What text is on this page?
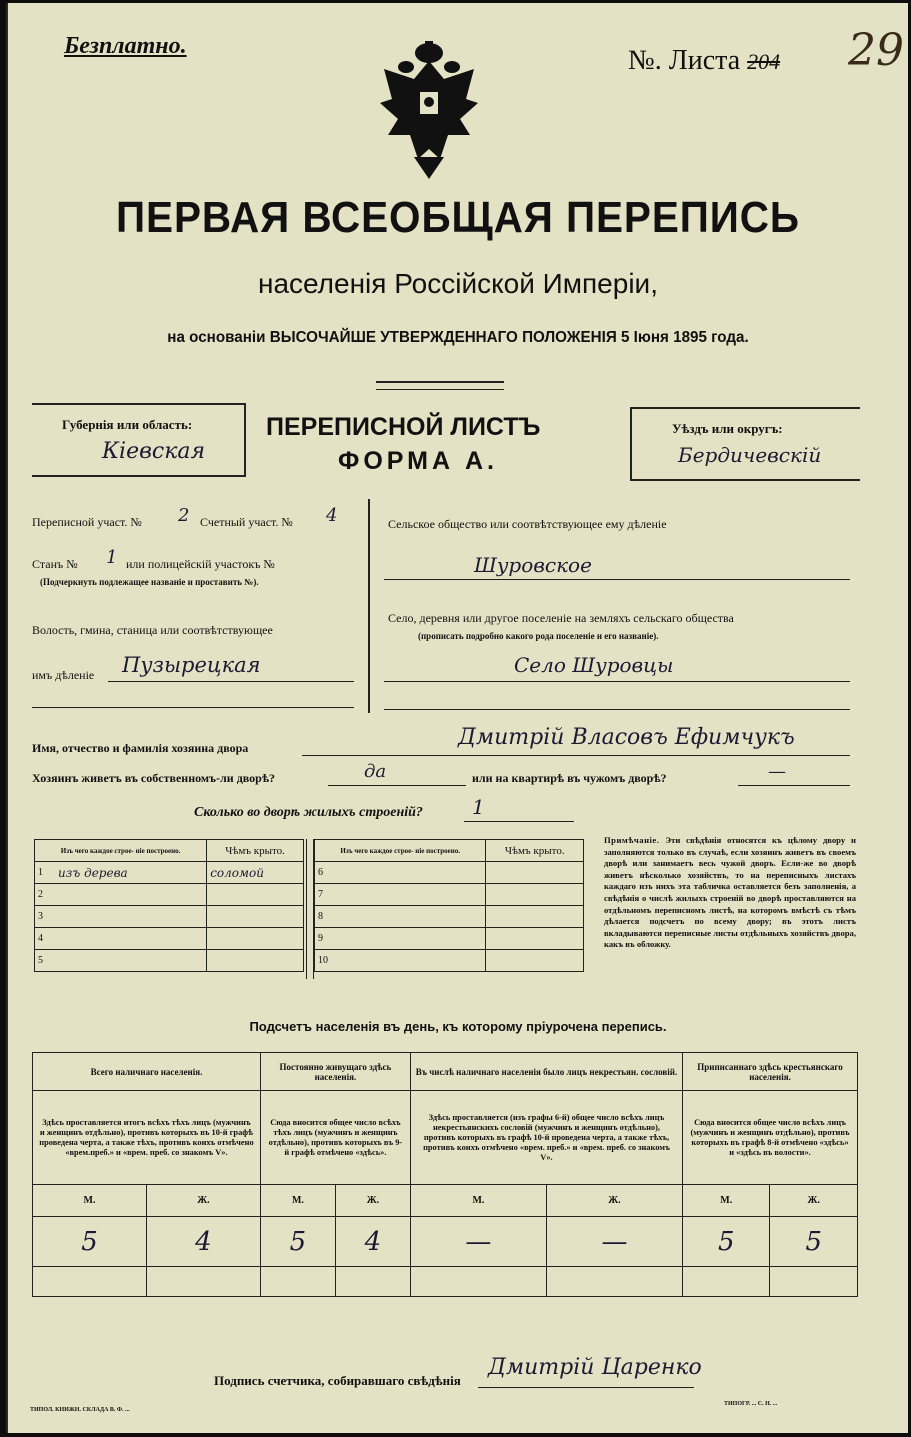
Безплатно.	№. Листа 204 29
ПЕРВАЯ ВСЕОБЩАЯ ПЕРЕПИСЬ
населенія Россійской Имперіи,
на основаніи ВЫСОЧАЙШЕ УТВЕРЖДЕННАГО ПОЛОЖЕНІЯ 5 Іюня 1895 года.
Губернія или область:
Кіевская
ПЕРЕПИСНОЙ ЛИСТЪ
ФОРМА А.
Уѣздъ или округъ:
Бердичевскій
Переписной участ. № 2 Счетный участ. № 4
Станъ № 1 или полицейскій участокъ №
(Подчеркнуть подлежащее названіе и проставить №).
Волость, гмина, станица или соотвѣтствующее
имъ дѣленіе Пузырецкая
Сельское общество или соотвѣтствующее ему дѣленіе
Шуровское
Село, деревня или другое поселеніе на земляхъ сельскаго общества
(прописать подробно какого рода поселеніе и его названіе).
Село Шуровцы
Имя, отчество и фамилія хозяина двора	Дмитрій Власовъ Ефимчукъ
Хозяинъ живетъ въ собственномъ-ли дворѣ?	да	или на квартирѣ въ чужомъ дворѣ?	—
Сколько во дворѣ жилыхъ строеній? 1
Изъ чего каждое строе- ніе построено.		Чѣмъ крыто.
1	изъ дерева	соломой
2		
3		
4		
5		
Изъ чего каждое строе- ніе построено.		Чѣмъ крыто.
6		
7		
8		
9		
10		
Примѣчаніе. Эти свѣдѣнія относятся къ цѣлому двору и заполняются только въ случаѣ, если хозяинъ живетъ въ своемъ дворѣ или занимаетъ весь чужой дворъ. Если-же во дворѣ живетъ нѣсколько хозяйствъ, то на переписныхъ листахъ каждаго изъ нихъ эта табличка оставляется безъ заполненія, а свѣдѣнія о числѣ жилыхъ строеній во дворѣ проставляются на отдѣльномъ переписномъ листѣ, на которомъ вмѣстѣ съ тѣмъ дѣлается подсчетъ по всему двору; въ этотъ листъ вкладываются переписные листы отдѣльныхъ хозяйствъ двора, какъ въ обложку.
Подсчетъ населенія въ день, къ которому пріурочена перепись.
Всего наличнаго населенія.		Постоянно живущаго здѣсь населенія.		Въ числѣ наличнаго населенія было лицъ некрестьян. сословій.		Приписаннаго здѣсь крестьянскаго населенія.	
Здѣсь проставляется итогъ всѣхъ тѣхъ лицъ (мужчинъ и женщинъ отдѣльно), противъ которыхъ въ 10-й графѣ проведена черта, а также тѣхъ, противъ коихъ отмѣчено «врем.преб.» и «врем. преб. со знакомъ V».		Сюда вносится общее число всѣхъ тѣхъ лицъ (мужчинъ и женщинъ отдѣльно), противъ которыхъ въ 9-й графѣ отмѣчено «здѣсь».		Здѣсь проставляется (изъ графы 6-й) общее число всѣхъ лицъ некрестьянскихъ сословій (мужчинъ и женщинъ отдѣльно), противъ которыхъ въ графѣ 10-й проведена черта, а также тѣхъ, противъ коихъ отмѣчено «врем. преб.» и «врем. преб. со знакомъ V».		Сюда вносится общее число всѣхъ лицъ (мужчинъ и женщинъ отдѣльно), противъ которыхъ въ графѣ 8-й отмѣчено «здѣсь» и «здѣсь въ волости».	
М.	Ж.	М.	Ж.	М.	Ж.	М.	Ж.
5	4	5	4	—	—	5	5

Подпись счетчика, собиравшаго свѣдѣнія
Дмитрій Царенко
ТИПОЛ. КНИЖН. СКЛАДА В. Ф. ...
ТИПОГР. ... С. Н. ...
